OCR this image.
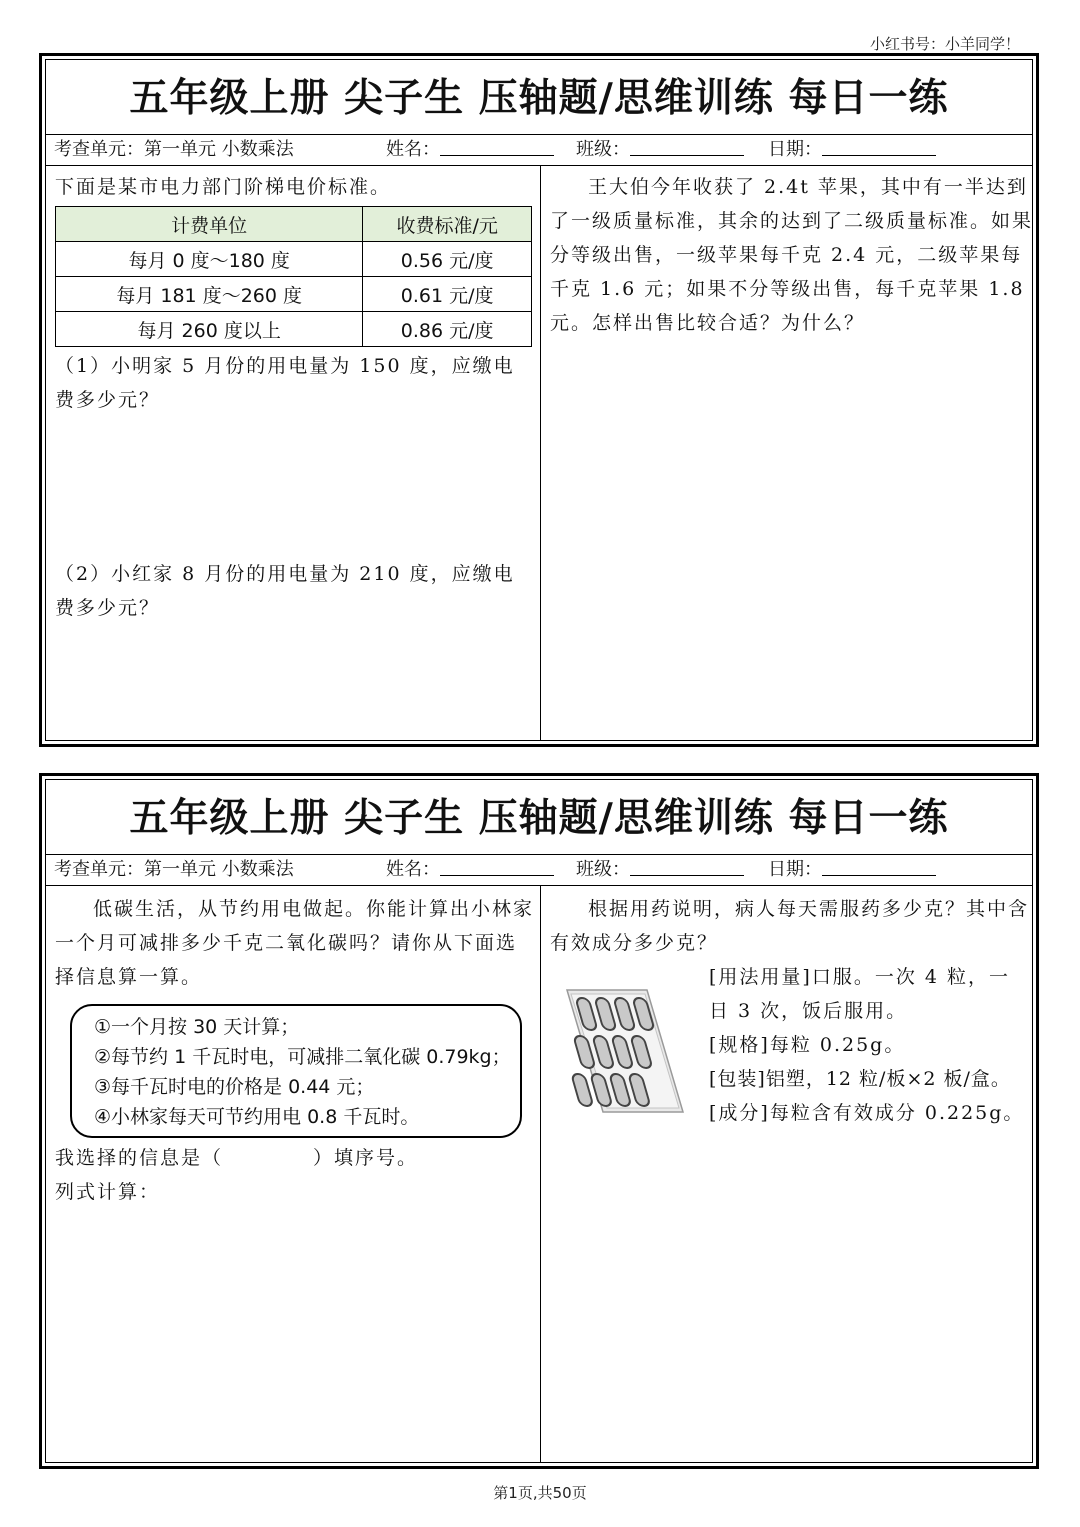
小红书号：小羊同学！
五年级上册 尖子生 压轴题/思维训练 每日一练
考查单元：第一单元 小数乘法	姓名：	班级：	日期：
下面是某市电力部门阶梯电价标准。
计费单位	收费标准/元
每月 0 度～180 度	0.56 元/度
每月 181 度～260 度	0.61 元/度
每月 260 度以上	0.86 元/度
（1）小明家 5 月份的用电量为 150 度，应缴电费多少元？
（2）小红家 8 月份的用电量为 210 度，应缴电费多少元？
王大伯今年收获了 2.4t 苹果，其中有一半达到了一级质量标准，其余的达到了二级质量标准。如果分等级出售，一级苹果每千克 2.4 元，二级苹果每千克 1.6 元；如果不分等级出售，每千克苹果 1.8 元。怎样出售比较合适？为什么？
五年级上册 尖子生 压轴题/思维训练 每日一练
考查单元：第一单元 小数乘法	姓名：	班级：	日期：
低碳生活，从节约用电做起。你能计算出小林家一个月可减排多少千克二氧化碳吗？请你从下面选择信息算一算。
①一个月按 30 天计算；
②每节约 1 千瓦时电，可减排二氧化碳 0.79kg；
③每千瓦时电的价格是 0.44 元；
④小林家每天可节约用电 0.8 千瓦时。
我选择的信息是（	）填序号。
列式计算：
根据用药说明，病人每天需服药多少克？其中含有效成分多少克？
[用法用量]口服。一次 4 粒，一日 3 次，饭后服用。
[规格]每粒 0.25g。
[包装]铝塑，12 粒/板×2 板/盒。
[成分]每粒含有效成分 0.225g。
第1页,共50页
